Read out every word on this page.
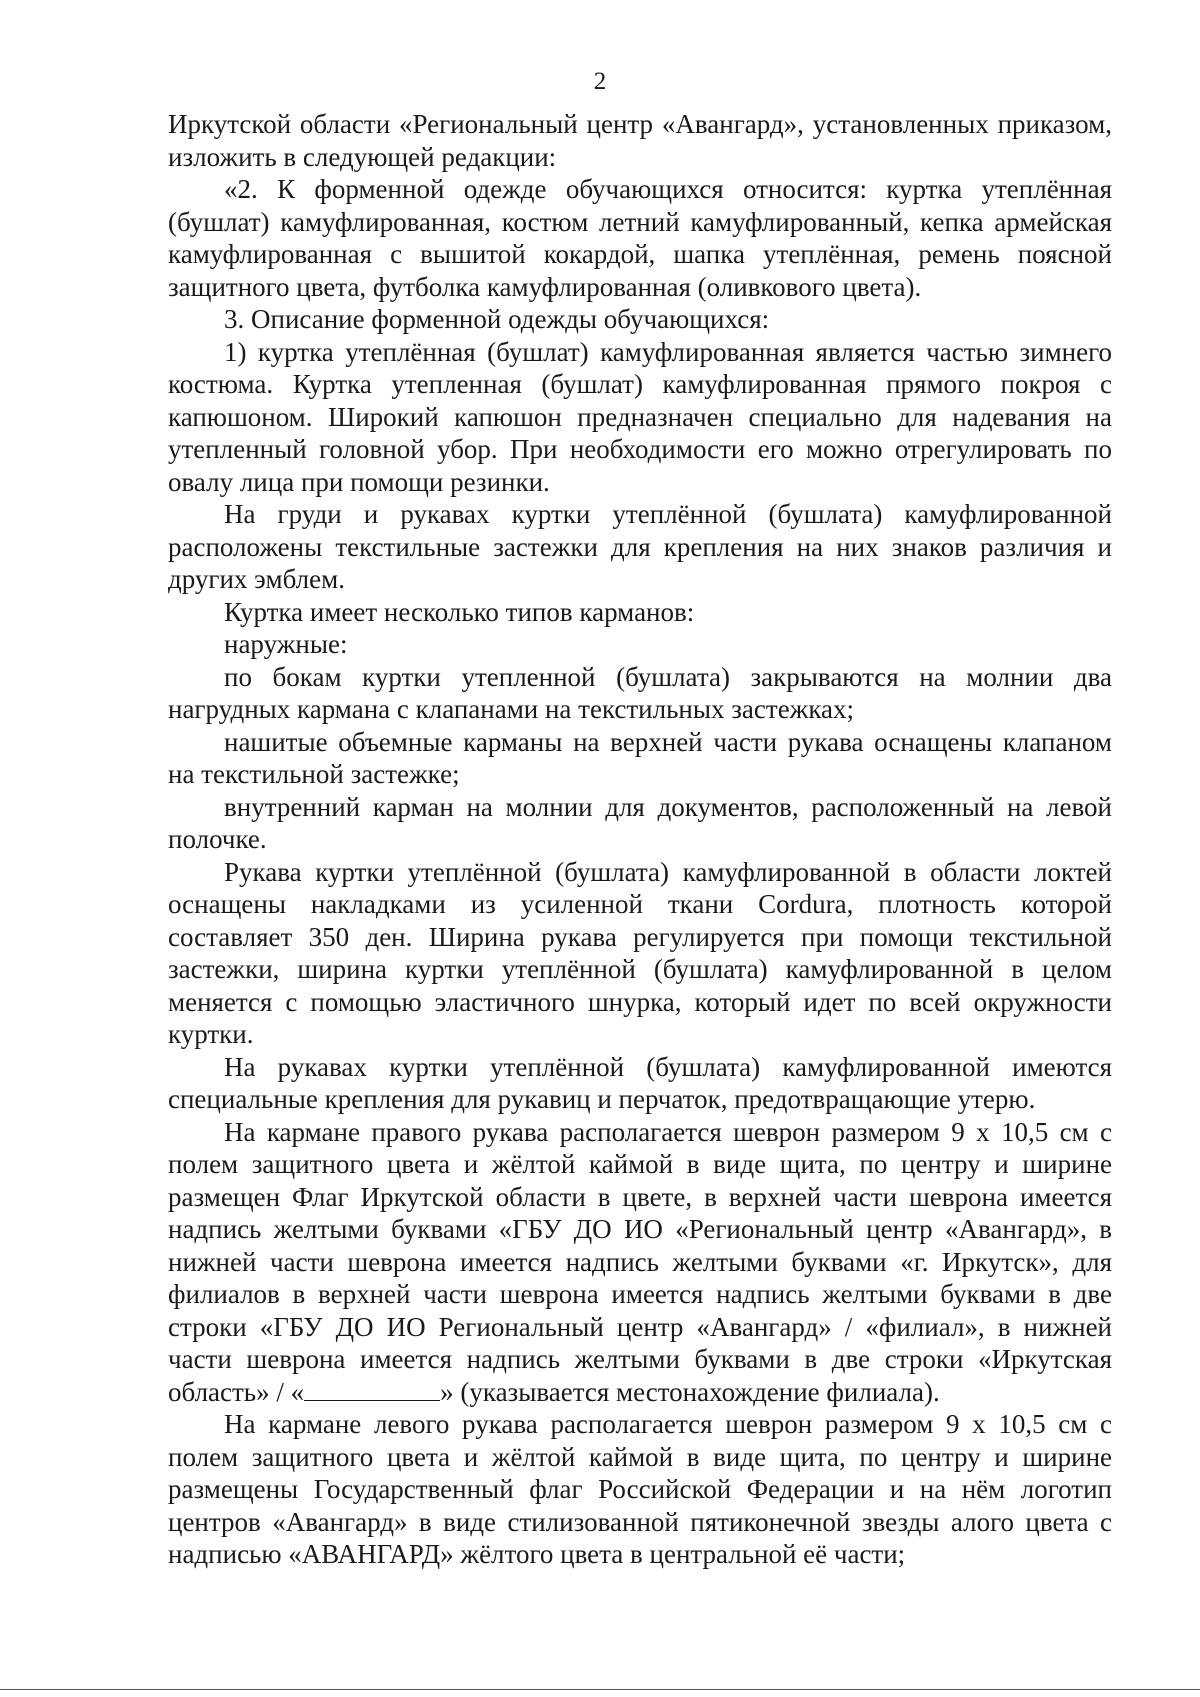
2

Иркутской области «Региональный центр «Авангард», установленных приказом, изложить в следующей редакции:

«2. К форменной одежде обучающихся относится: куртка утеплённая (бушлат) камуфлированная, костюм летний камуфлированный, кепка армейская камуфлированная с вышитой кокардой, шапка утеплённая, ремень поясной защитного цвета, футболка камуфлированная (оливкового цвета).

3. Описание форменной одежды обучающихся:

1) куртка утеплённая (бушлат) камуфлированная является частью зимнего костюма. Куртка утепленная (бушлат) камуфлированная прямого покроя с капюшоном. Широкий капюшон предназначен специально для надевания на утепленный головной убор. При необходимости его можно отрегулировать по овалу лица при помощи резинки.

На груди и рукавах куртки утеплённой (бушлата) камуфлированной расположены текстильные застежки для крепления на них знаков различия и других эмблем.

Куртка имеет несколько типов карманов:

наружные:

по бокам куртки утепленной (бушлата) закрываются на молнии два нагрудных кармана с клапанами на текстильных застежках;

нашитые объемные карманы на верхней части рукава оснащены клапаном на текстильной застежке;

внутренний карман на молнии для документов, расположенный на левой полочке.

Рукава куртки утеплённой (бушлата) камуфлированной в области локтей оснащены накладками из усиленной ткани Cordura, плотность которой составляет 350 ден. Ширина рукава регулируется при помощи текстильной застежки, ширина куртки утеплённой (бушлата) камуфлированной в целом меняется с помощью эластичного шнурка, который идет по всей окружности куртки.

На рукавах куртки утеплённой (бушлата) камуфлированной имеются специальные крепления для рукавиц и перчаток, предотвращающие утерю.

На кармане правого рукава располагается шеврон размером 9 х 10,5 см с полем защитного цвета и жёлтой каймой в виде щита, по центру и ширине размещен Флаг Иркутской области в цвете, в верхней части шеврона имеется надпись желтыми буквами «ГБУ ДО ИО «Региональный центр «Авангард», в нижней части шеврона имеется надпись желтыми буквами «г. Иркутск», для филиалов в верхней части шеврона имеется надпись желтыми буквами в две строки «ГБУ ДО ИО Региональный центр «Авангард» / «филиал», в нижней части шеврона имеется надпись желтыми буквами в две строки «Иркутская область» / «	» (указывается местонахождение филиала).

На кармане левого рукава располагается шеврон размером 9 х 10,5 см с полем защитного цвета и жёлтой каймой в виде щита, по центру и ширине размещены Государственный флаг Российской Федерации и на нём логотип центров «Авангард» в виде стилизованной пятиконечной звезды алого цвета с надписью «АВАНГАРД» жёлтого цвета в центральной её части;
